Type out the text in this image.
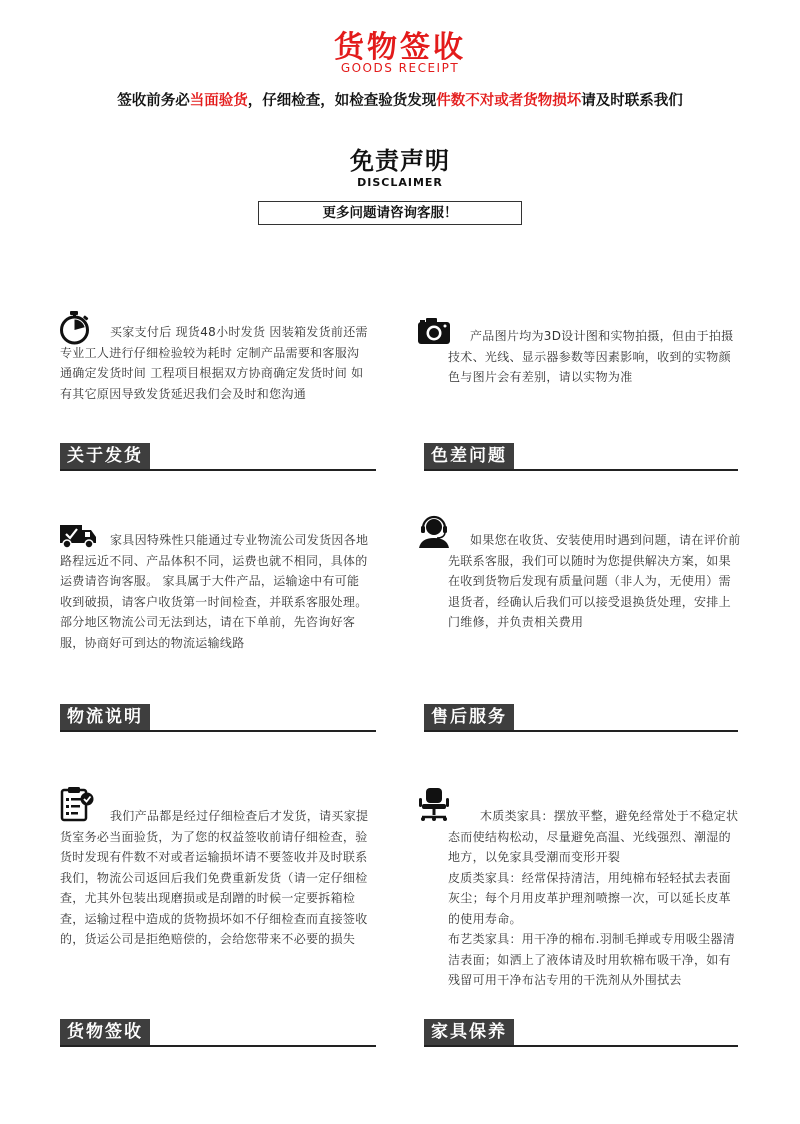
货物签收
GOODS RECEIPT
签收前务必当面验货，仔细检查，如检查验货发现件数不对或者货物损坏请及时联系我们
免责声明
DISCLAIMER
更多问题请咨询客服！
买家支付后 现货48小时发货 因装箱发货前还需专业工人进行仔细检验较为耗时 定制产品需要和客服沟通确定发货时间 工程项目根据双方协商确定发货时间 如有其它原因导致发货延迟我们会及时和您沟通
关于发货
产品图片均为3D设计图和实物拍摄，但由于拍摄技术、光线、显示器参数等因素影响，收到的实物颜色与图片会有差别，请以实物为准
色差问题
家具因特殊性只能通过专业物流公司发货因各地路程远近不同、产品体积不同，运费也就不相同，具体的运费请咨询客服。 家具属于大件产品，运输途中有可能收到破损，请客户收货第一时间检查，并联系客服处理。部分地区物流公司无法到达，请在下单前，先咨询好客服，协商好可到达的物流运输线路
物流说明
如果您在收货、安装使用时遇到问题，请在评价前先联系客服，我们可以随时为您提供解决方案，如果在收到货物后发现有质量问题（非人为，无使用）需退货者，经确认后我们可以接受退换货处理，安排上门维修，并负责相关费用
售后服务
我们产品都是经过仔细检查后才发货，请买家提货室务必当面验货，为了您的权益签收前请仔细检查，验货时发现有件数不对或者运输损坏请不要签收并及时联系我们，物流公司返回后我们免费重新发货（请一定仔细检查，尤其外包装出现磨损或是刮蹭的时候一定要拆箱检查，运输过程中造成的货物损坏如不仔细检查而直接签收的，货运公司是拒绝赔偿的，会给您带来不必要的损失
货物签收
木质类家具：摆放平整，避免经常处于不稳定状态而使结构松动，尽量避免高温、光线强烈、潮湿的地方，以免家具受潮而变形开裂
皮质类家具：经常保持清洁，用纯棉布轻轻拭去表面灰尘；每个月用皮革护理剂喷擦一次，可以延长皮革的使用寿命。
布艺类家具：用干净的棉布.羽制毛掸或专用吸尘器清洁表面；如洒上了液体请及时用软棉布吸干净，如有残留可用干净布沾专用的干洗剂从外围拭去
家具保养
